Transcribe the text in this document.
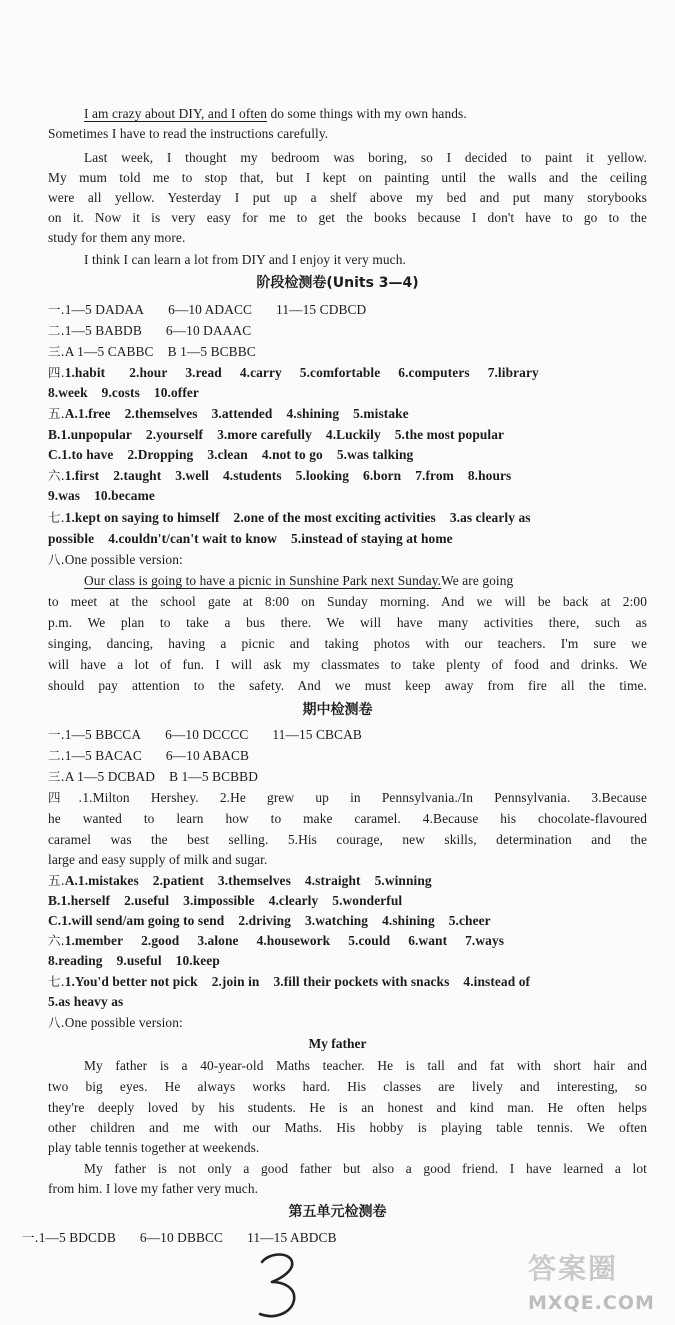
I am crazy about DIY, and I often do some things with my own hands.
Sometimes I have to read the instructions carefully.
Last week, I thought my bedroom was boring, so I decided to paint it yellow.
My mum told me to stop that, but I kept on painting until the walls and the ceiling
were all yellow. Yesterday I put up a shelf above my bed and put many storybooks
on it. Now it is very easy for me to get the books because I don't have to go to the
study for them any more.
I think I can learn a lot from DIY and I enjoy it very much.
阶段检测卷(Units 3—4)
一.1—5 DADAA 6—10 ADACC 11—15 CDBCD
二.1—5 BABDB 6—10 DAAAC
三.A 1—5 CABBC B 1—5 BCBBC
四.1.habit 2.hour 3.read 4.carry 5.comfortable 6.computers 7.library
8.week 9.costs 10.offer
五.A.1.free 2.themselves 3.attended 4.shining 5.mistake
B.1.unpopular 2.yourself 3.more carefully 4.Luckily 5.the most popular
C.1.to have 2.Dropping 3.clean 4.not to go 5.was talking
六.1.first 2.taught 3.well 4.students 5.looking 6.born 7.from 8.hours
9.was 10.became
七.1.kept on saying to himself 2.one of the most exciting activities 3.as clearly as
possible 4.couldn't/can't wait to know 5.instead of staying at home
八.One possible version:
Our class is going to have a picnic in Sunshine Park next Sunday.We are going
to meet at the school gate at 8:00 on Sunday morning. And we will be back at 2:00
p.m. We plan to take a bus there. We will have many activities there, such as
singing, dancing, having a picnic and taking photos with our teachers. I'm sure we
will have a lot of fun. I will ask my classmates to take plenty of food and drinks. We
should pay attention to the safety. And we must keep away from fire all the time.
期中检测卷
一.1—5 BBCCA 6—10 DCCCC 11—15 CBCAB
二.1—5 BACAC 6—10 ABACB
三.A 1—5 DCBAD B 1—5 BCBBD
四.1.Milton Hershey. 2.He grew up in Pennsylvania./In Pennsylvania. 3.Because
he wanted to learn how to make caramel. 4.Because his chocolate-flavoured
caramel was the best selling. 5.His courage, new skills, determination and the
large and easy supply of milk and sugar.
五.A.1.mistakes 2.patient 3.themselves 4.straight 5.winning
B.1.herself 2.useful 3.impossible 4.clearly 5.wonderful
C.1.will send/am going to send 2.driving 3.watching 4.shining 5.cheer
六.1.member 2.good 3.alone 4.housework 5.could 6.want 7.ways
8.reading 9.useful 10.keep
七.1.You'd better not pick 2.join in 3.fill their pockets with snacks 4.instead of
5.as heavy as
八.One possible version:
My father
My father is a 40-year-old Maths teacher. He is tall and fat with short hair and
two big eyes. He always works hard. His classes are lively and interesting, so
they're deeply loved by his students. He is an honest and kind man. He often helps
other children and me with our Maths. His hobby is playing table tennis. We often
play table tennis together at weekends.
My father is not only a good father but also a good friend. I have learned a lot
from him. I love my father very much.
第五单元检测卷
一.1—5 BDCDB 6—10 DBBCC 11—15 ABDCB
答案圈
MXQE.COM
